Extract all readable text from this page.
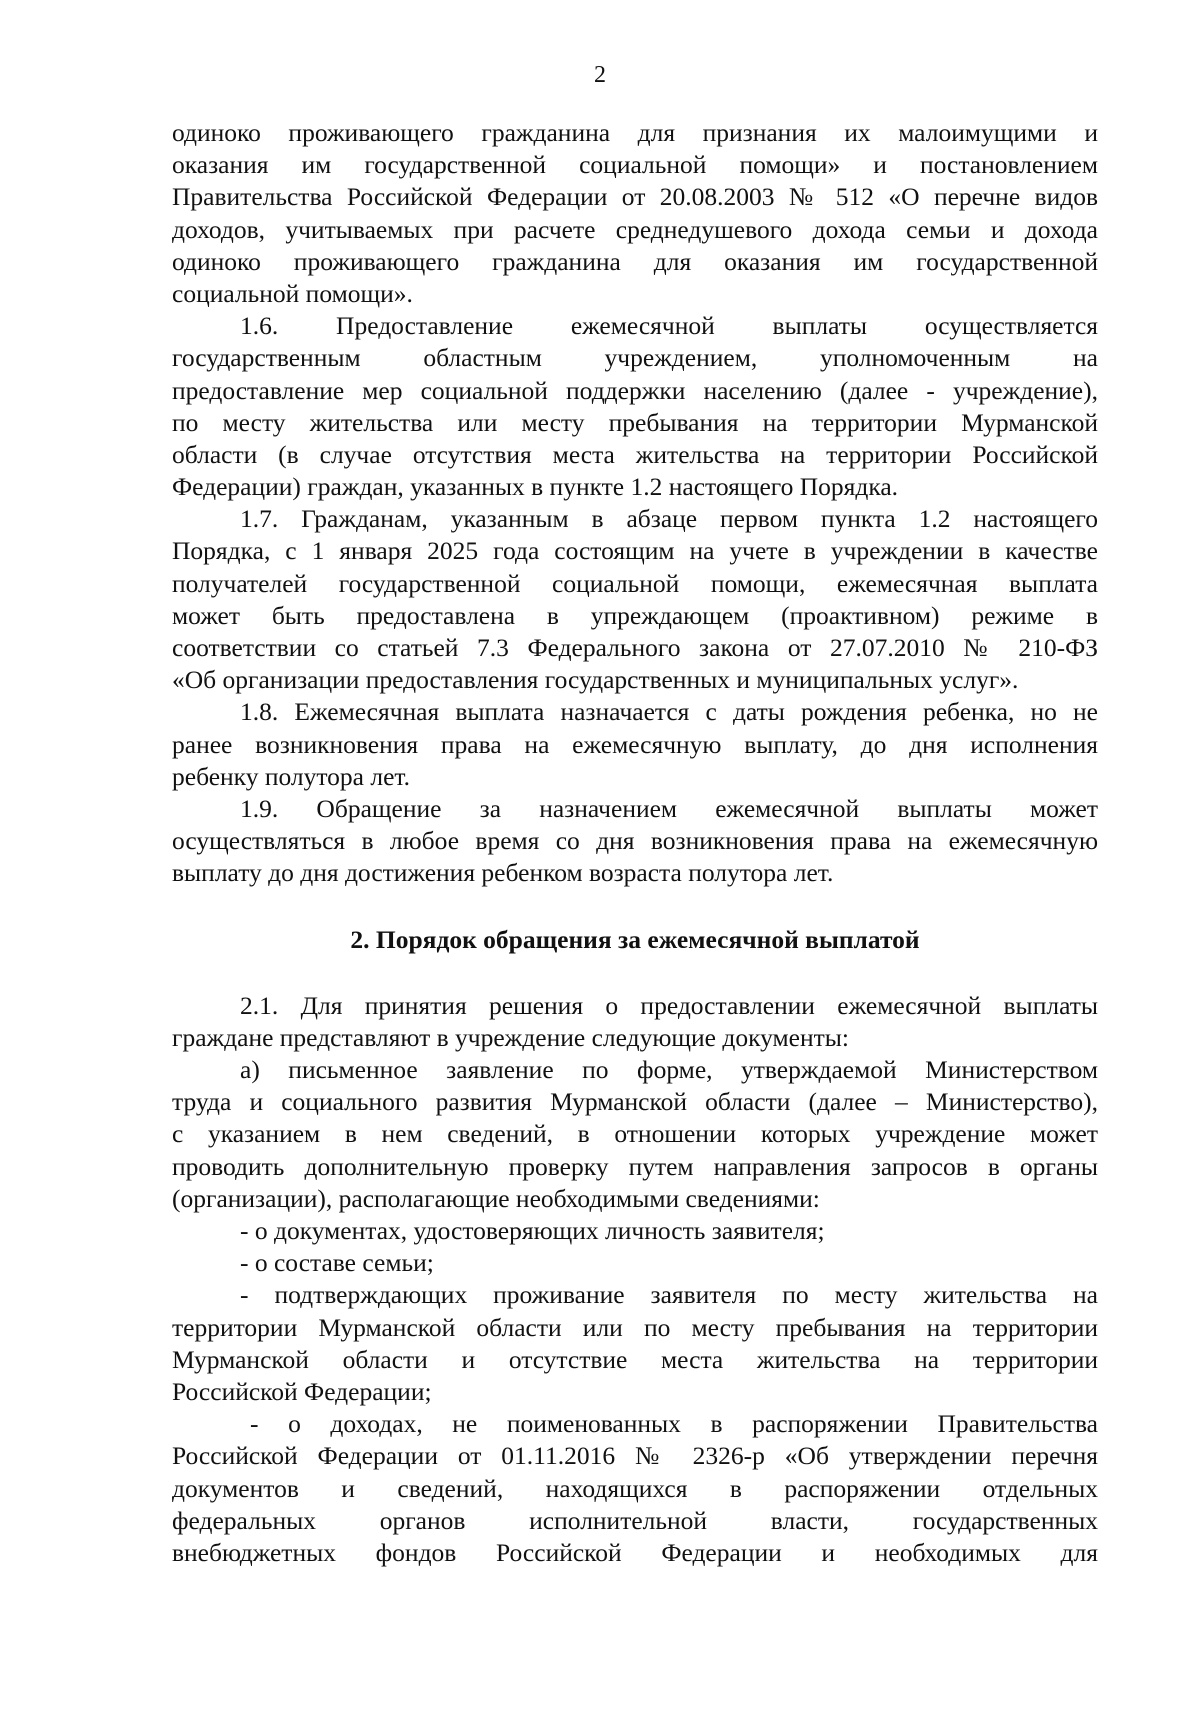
2
одиноко проживающего гражданина для признания их малоимущими и
оказания им государственной социальной помощи» и постановлением
Правительства Российской Федерации от 20.08.2003 № 512 «О перечне видов
доходов, учитываемых при расчете среднедушевого дохода семьи и дохода
одиноко проживающего гражданина для оказания им государственной
социальной помощи».
1.6. Предоставление ежемесячной выплаты осуществляется
государственным областным учреждением, уполномоченным на
предоставление мер социальной поддержки населению (далее - учреждение),
по месту жительства или месту пребывания на территории Мурманской
области (в случае отсутствия места жительства на территории Российской
Федерации) граждан, указанных в пункте 1.2 настоящего Порядка.
1.7. Гражданам, указанным в абзаце первом пункта 1.2 настоящего
Порядка, с 1 января 2025 года состоящим на учете в учреждении в качестве
получателей государственной социальной помощи, ежемесячная выплата
может быть предоставлена в упреждающем (проактивном) режиме в
соответствии со статьей 7.3 Федерального закона от 27.07.2010 № 210-ФЗ
«Об организации предоставления государственных и муниципальных услуг».
1.8. Ежемесячная выплата назначается с даты рождения ребенка, но не
ранее возникновения права на ежемесячную выплату, до дня исполнения
ребенку полутора лет.
1.9. Обращение за назначением ежемесячной выплаты может
осуществляться в любое время со дня возникновения права на ежемесячную
выплату до дня достижения ребенком возраста полутора лет.
2. Порядок обращения за ежемесячной выплатой
2.1. Для принятия решения о предоставлении ежемесячной выплаты
граждане представляют в учреждение следующие документы:
а) письменное заявление по форме, утверждаемой Министерством
труда и социального развития Мурманской области (далее – Министерство),
с указанием в нем сведений, в отношении которых учреждение может
проводить дополнительную проверку путем направления запросов в органы
(организации), располагающие необходимыми сведениями:
- о документах, удостоверяющих личность заявителя;
- о составе семьи;
- подтверждающих проживание заявителя по месту жительства на
территории Мурманской области или по месту пребывания на территории
Мурманской области и отсутствие места жительства на территории
Российской Федерации;
- о доходах, не поименованных в распоряжении Правительства
Российской Федерации от 01.11.2016 № 2326-р «Об утверждении перечня
документов и сведений, находящихся в распоряжении отдельных
федеральных органов исполнительной власти, государственных
внебюджетных фондов Российской Федерации и необходимых для
